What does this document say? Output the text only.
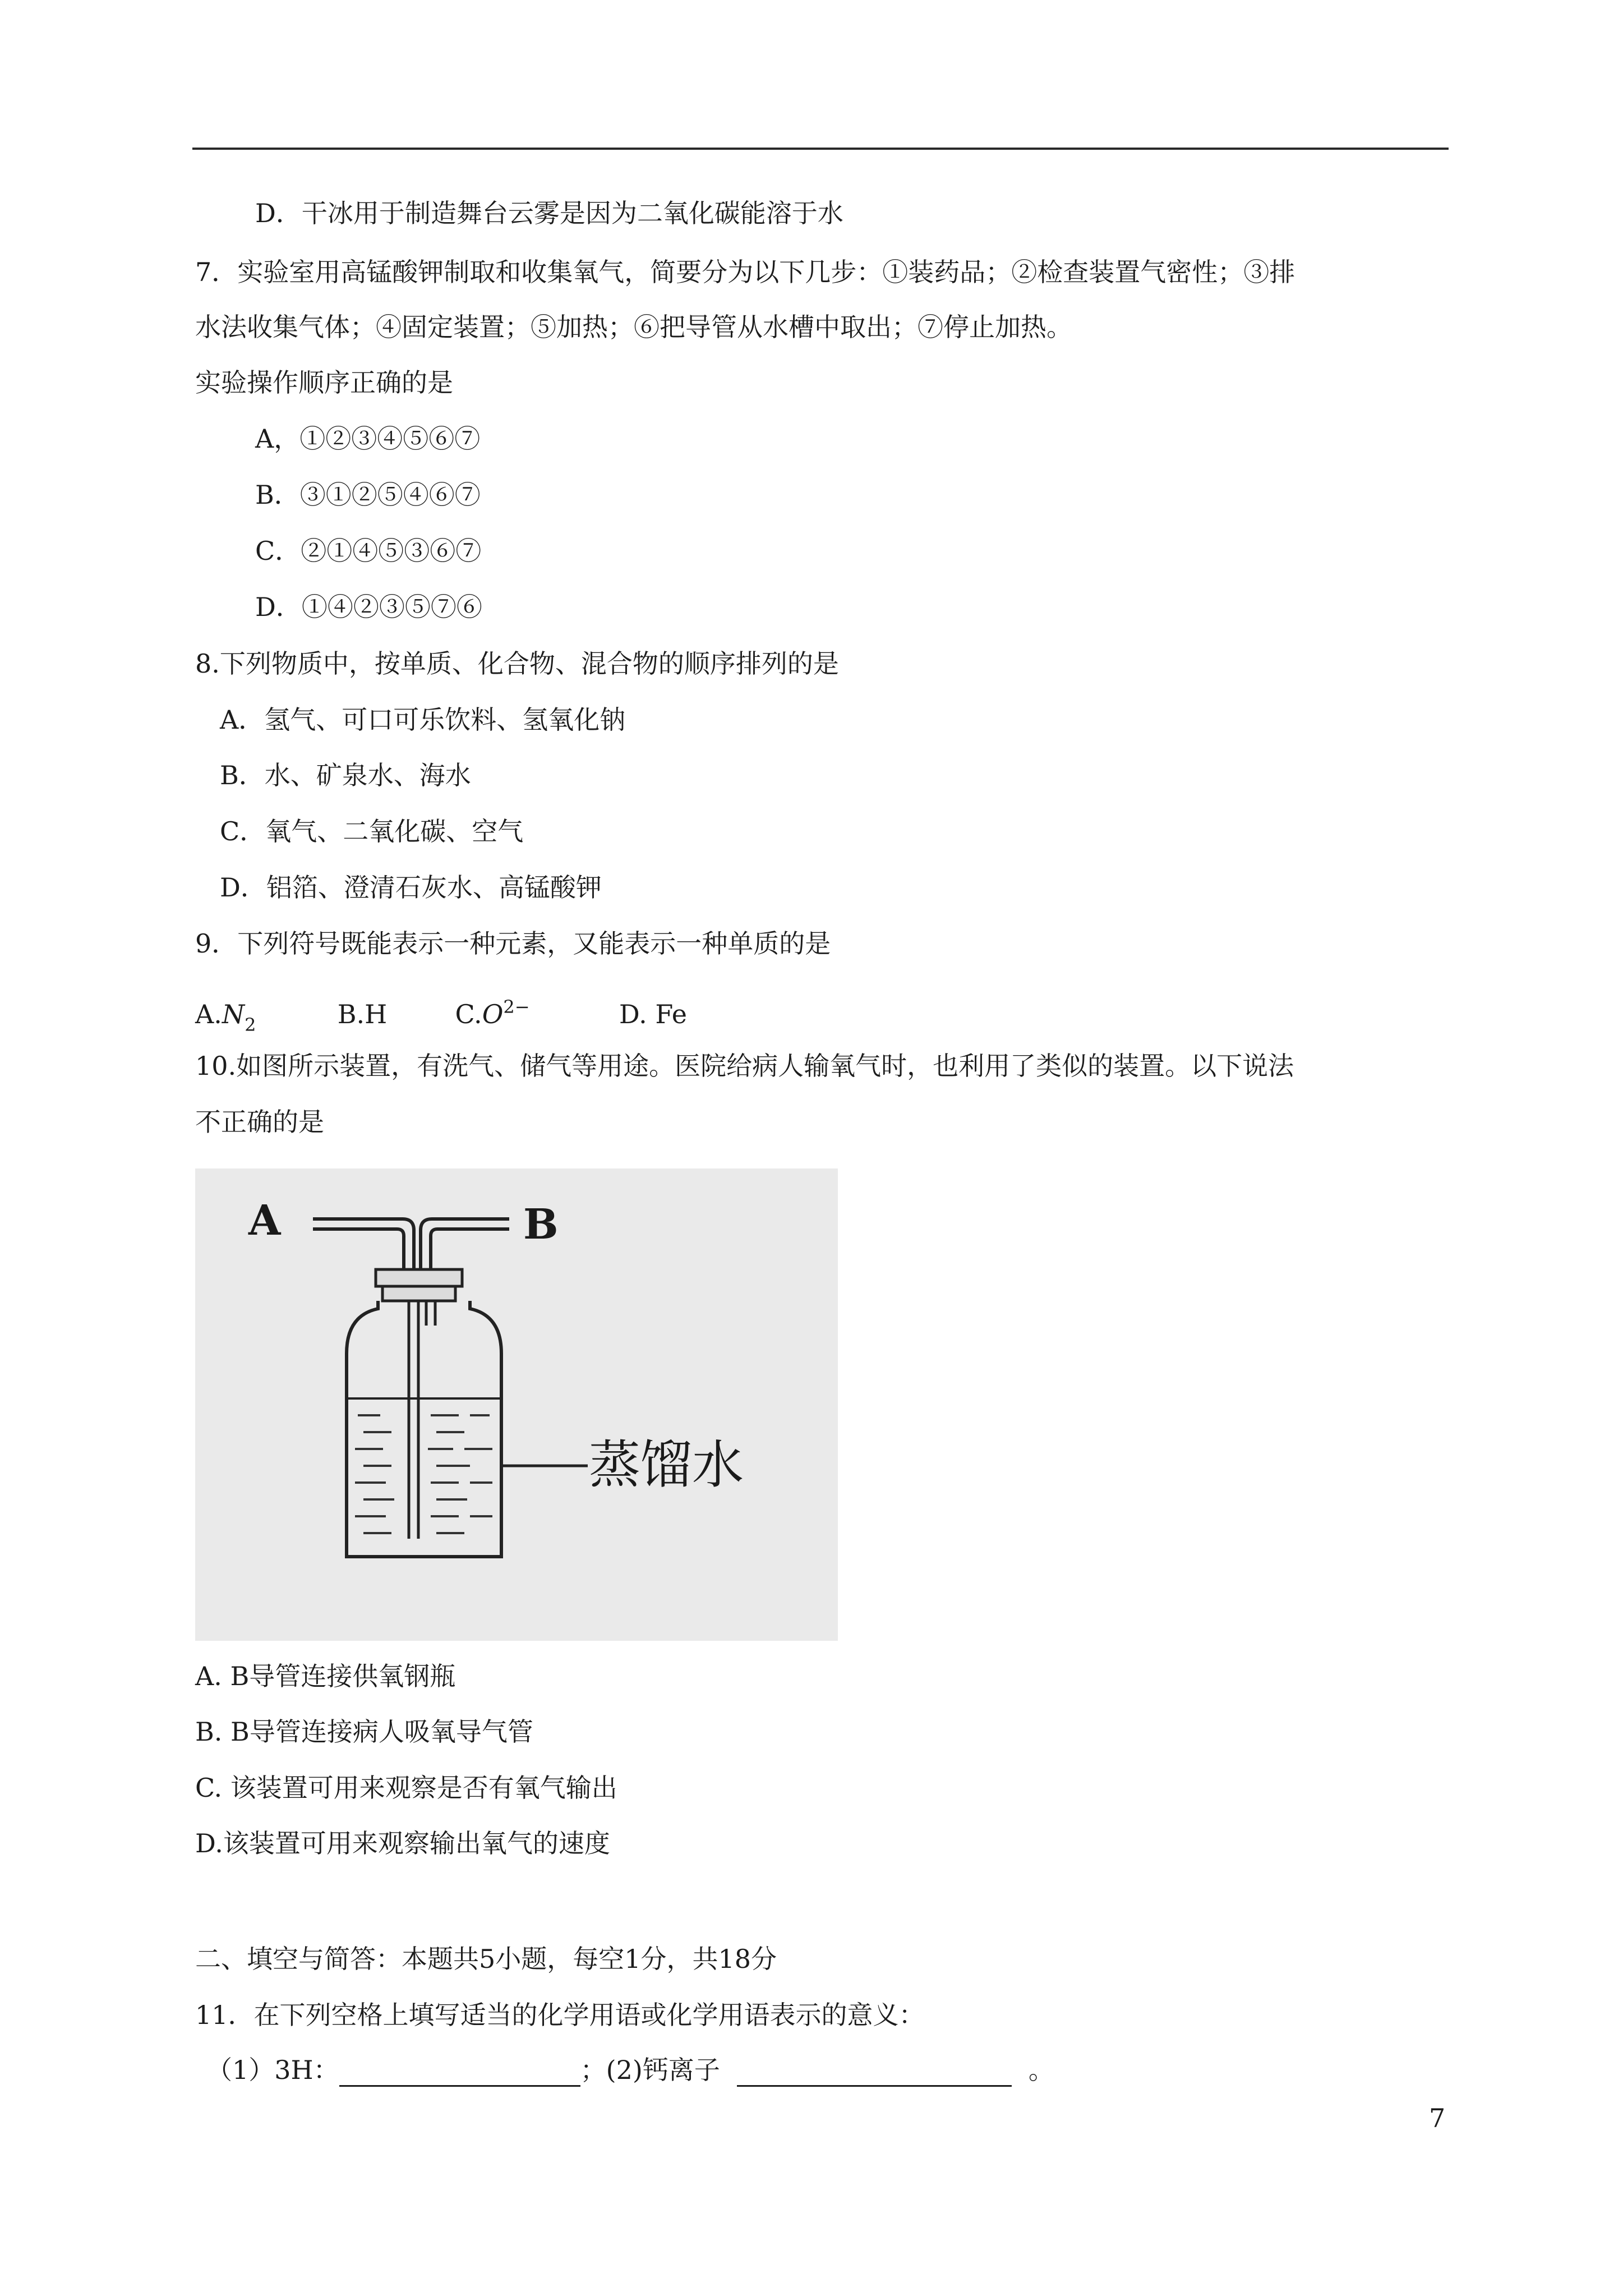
D．干冰用于制造舞台云雾是因为二氧化碳能溶于水
7．实验室用高锰酸钾制取和收集氧气，简要分为以下几步：①装药品；②检查装置气密性；③排
水法收集气体；④固定装置；⑤加热；⑥把导管从水槽中取出；⑦停止加热。
实验操作顺序正确的是
A，①②③④⑤⑥⑦
B．③①②⑤④⑥⑦
C．②①④⑤③⑥⑦
D．①④②③⑤⑦⑥
8.下列物质中，按单质、化合物、混合物的顺序排列的是
A．氢气、可口可乐饮料、氢氧化钠
B．水、矿泉水、海水
C．氧气、二氧化碳、空气
D．铝箔、澄清石灰水、高锰酸钾
9．下列符号既能表示一种元素，又能表示一种单质的是
$A.N_2$	B.H	$C.O^{2-}$	D. Fe
10.如图所示装置，有洗气、储气等用途。医院给病人输氧气时，也利用了类似的装置。以下说法
不正确的是
A	B
蒸馏水
A. B导管连接供氧钢瓶
B. B导管连接病人吸氧导气管
C. 该装置可用来观察是否有氧气输出
D.该装置可用来观察输出氧气的速度
二、填空与简答：本题共5小题，每空1分，共18分
11．在下列空格上填写适当的化学用语或化学用语表示的意义：
（1）3H：	；(2)钙离子	。
7
